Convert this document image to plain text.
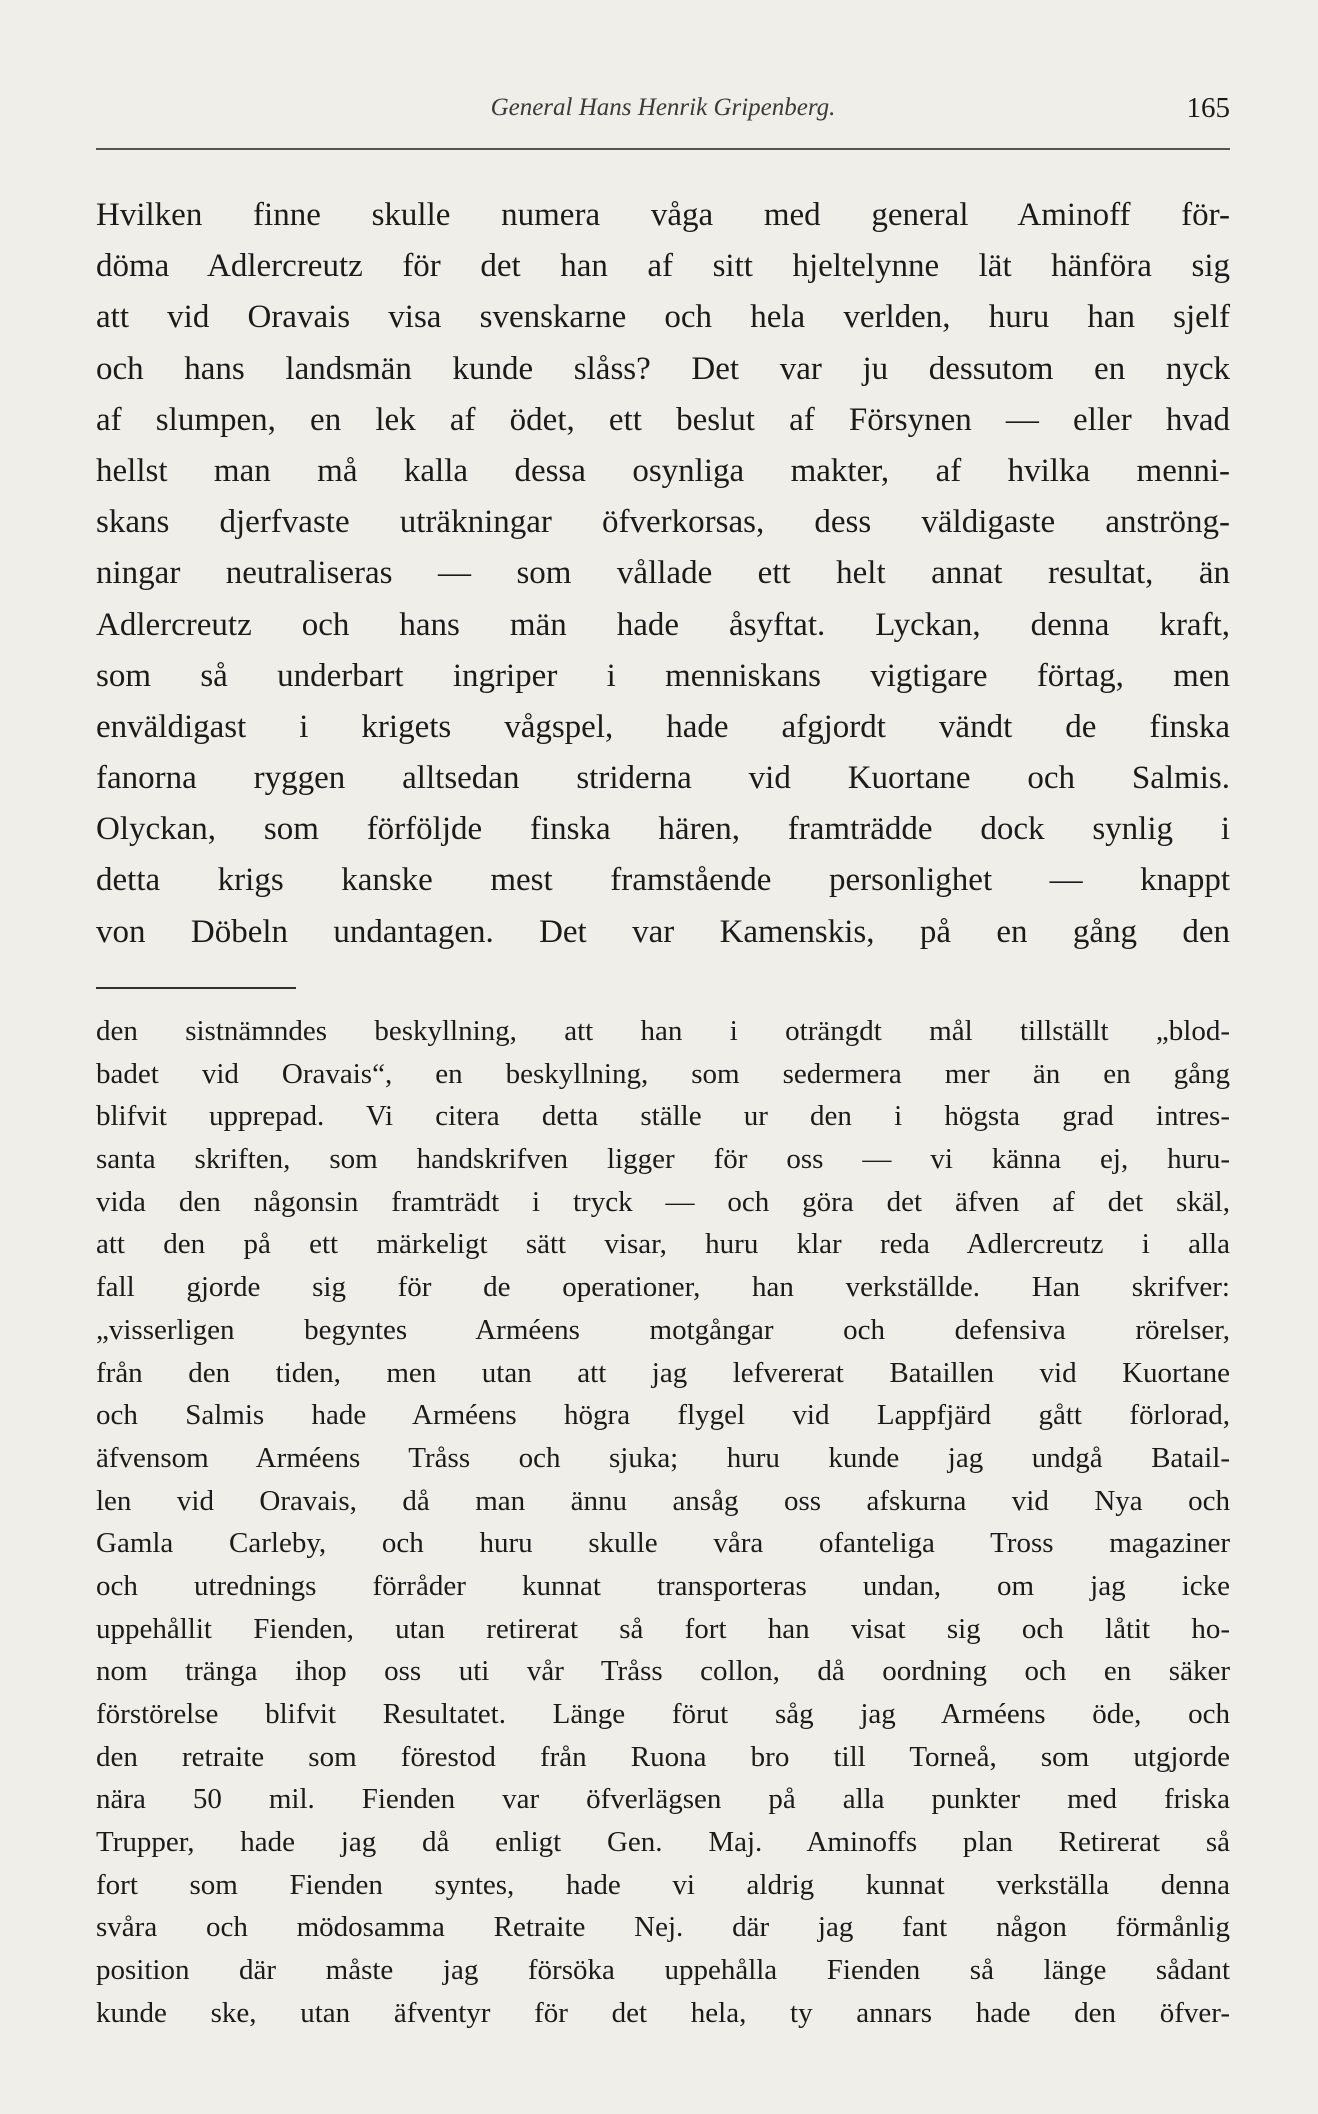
General Hans Henrik Gripenberg.	165
Hvilken finne skulle numera våga med general Aminoff för-
döma Adlercreutz för det han af sitt hjeltelynne lät hänföra sig
att vid Oravais visa svenskarne och hela verlden, huru han sjelf
och hans landsmän kunde slåss? Det var ju dessutom en nyck
af slumpen, en lek af ödet, ett beslut af Försynen — eller hvad
hellst man må kalla dessa osynliga makter, af hvilka menni-
skans djerfvaste uträkningar öfverkorsas, dess väldigaste anströng-
ningar neutraliseras — som vållade ett helt annat resultat, än
Adlercreutz och hans män hade åsyftat. Lyckan, denna kraft,
som så underbart ingriper i menniskans vigtigare förtag, men
enväldigast i krigets vågspel, hade afgjordt vändt de finska
fanorna ryggen alltsedan striderna vid Kuortane och Salmis.
Olyckan, som förföljde finska hären, framträdde dock synlig i
detta krigs kanske mest framstående personlighet — knappt
von Döbeln undantagen. Det var Kamenskis, på en gång den
den sistnämndes beskyllning, att han i oträngdt mål tillställt „blod-
badet vid Oravais“, en beskyllning, som sedermera mer än en gång
blifvit upprepad. Vi citera detta ställe ur den i högsta grad intres-
santa skriften, som handskrifven ligger för oss — vi känna ej, huru-
vida den någonsin framträdt i tryck — och göra det äfven af det skäl,
att den på ett märkeligt sätt visar, huru klar reda Adlercreutz i alla
fall gjorde sig för de operationer, han verkställde. Han skrifver:
„visserligen begyntes Arméens motgångar och defensiva rörelser,
från den tiden, men utan att jag lefvererat Bataillen vid Kuortane
och Salmis hade Arméens högra flygel vid Lappfjärd gått förlorad,
äfvensom Arméens Tråss och sjuka; huru kunde jag undgå Batail-
len vid Oravais, då man ännu ansåg oss afskurna vid Nya och
Gamla Carleby, och huru skulle våra ofanteliga Tross magaziner
och utrednings förråder kunnat transporteras undan, om jag icke
uppehållit Fienden, utan retirerat så fort han visat sig och låtit ho-
nom tränga ihop oss uti vår Tråss collon, då oordning och en säker
förstörelse blifvit Resultatet. Länge förut såg jag Arméens öde, och
den retraite som förestod från Ruona bro till Torneå, som utgjorde
nära 50 mil. Fienden var öfverlägsen på alla punkter med friska
Trupper, hade jag då enligt Gen. Maj. Aminoffs plan Retirerat så
fort som Fienden syntes, hade vi aldrig kunnat verkställa denna
svåra och mödosamma Retraite Nej. där jag fant någon förmånlig
position där måste jag försöka uppehålla Fienden så länge sådant
kunde ske, utan äfventyr för det hela, ty annars hade den öfver-
